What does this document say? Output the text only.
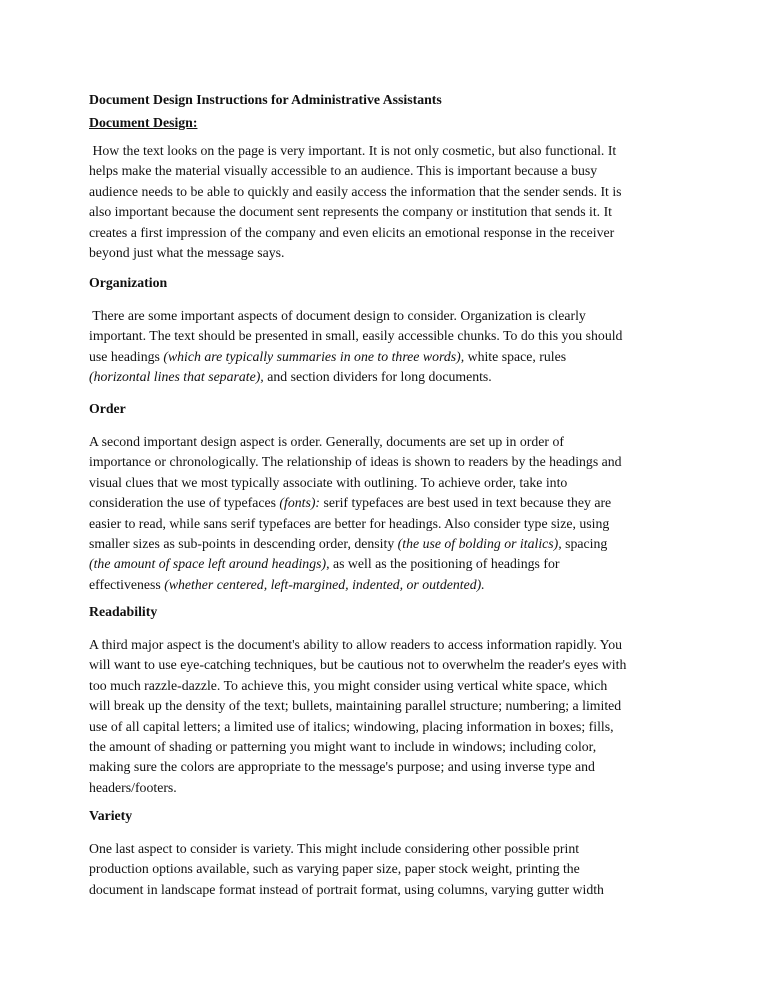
Document Design Instructions for Administrative Assistants
Document Design:
How the text looks on the page is very important. It is not only cosmetic, but also functional. It
helps make the material visually accessible to an audience. This is important because a busy
audience needs to be able to quickly and easily access the information that the sender sends. It is
also important because the document sent represents the company or institution that sends it. It
creates a first impression of the company and even elicits an emotional response in the receiver
beyond just what the message says.
Organization
There are some important aspects of document design to consider. Organization is clearly
important. The text should be presented in small, easily accessible chunks. To do this you should
use headings (which are typically summaries in one to three words), white space, rules
(horizontal lines that separate), and section dividers for long documents.
Order
A second important design aspect is order. Generally, documents are set up in order of
importance or chronologically. The relationship of ideas is shown to readers by the headings and
visual clues that we most typically associate with outlining. To achieve order, take into
consideration the use of typefaces (fonts): serif typefaces are best used in text because they are
easier to read, while sans serif typefaces are better for headings. Also consider type size, using
smaller sizes as sub-points in descending order, density (the use of bolding or italics), spacing
(the amount of space left around headings), as well as the positioning of headings for
effectiveness (whether centered, left-margined, indented, or outdented).
Readability
A third major aspect is the document's ability to allow readers to access information rapidly. You
will want to use eye-catching techniques, but be cautious not to overwhelm the reader's eyes with
too much razzle-dazzle. To achieve this, you might consider using vertical white space, which
will break up the density of the text; bullets, maintaining parallel structure; numbering; a limited
use of all capital letters; a limited use of italics; windowing, placing information in boxes; fills,
the amount of shading or patterning you might want to include in windows; including color,
making sure the colors are appropriate to the message's purpose; and using inverse type and
headers/footers.
Variety
One last aspect to consider is variety. This might include considering other possible print
production options available, such as varying paper size, paper stock weight, printing the
document in landscape format instead of portrait format, using columns, varying gutter width
